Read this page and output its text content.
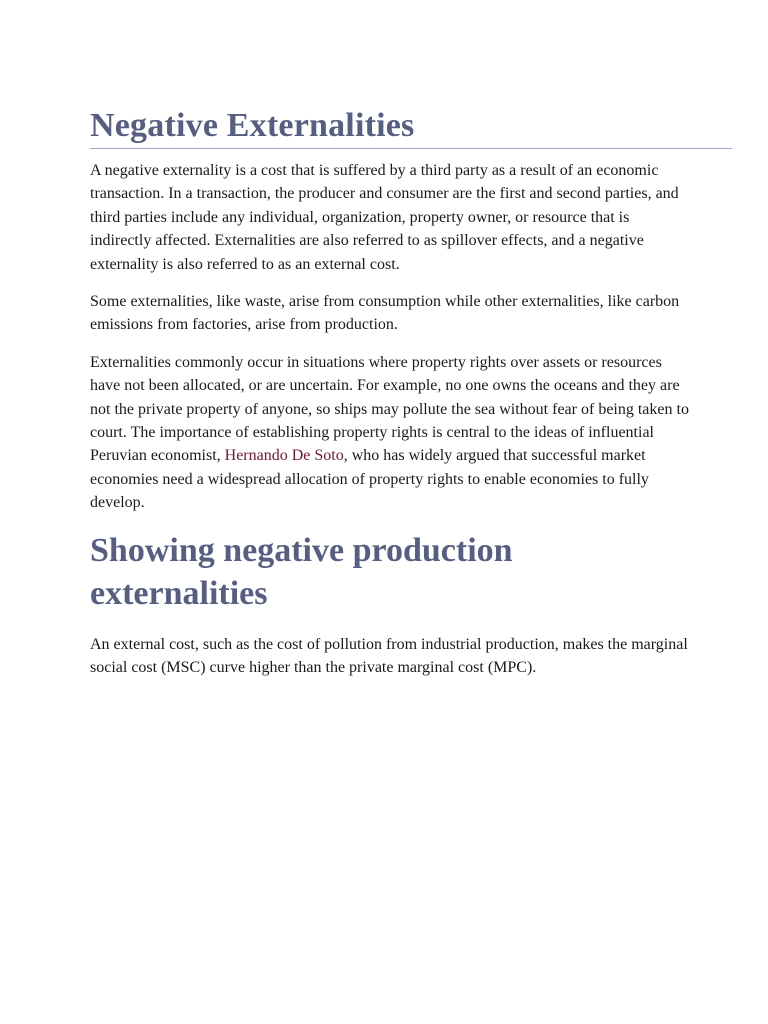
Negative Externalities

A negative externality is a cost that is suffered by a third party as a result of an economic transaction. In a transaction, the producer and consumer are the first and second parties, and third parties include any individual, organization, property owner, or resource that is indirectly affected. Externalities are also referred to as spillover effects, and a negative externality is also referred to as an external cost.

Some externalities, like waste, arise from consumption while other externalities, like carbon emissions from factories, arise from production.

Externalities commonly occur in situations where property rights over assets or resources have not been allocated, or are uncertain. For example, no one owns the oceans and they are not the private property of anyone, so ships may pollute the sea without fear of being taken to court. The importance of establishing property rights is central to the ideas of influential Peruvian economist, Hernando De Soto, who has widely argued that successful market economies need a widespread allocation of property rights to enable economies to fully develop.

Showing negative production externalities

An external cost, such as the cost of pollution from industrial production, makes the marginal social cost (MSC) curve higher than the private marginal cost (MPC).
